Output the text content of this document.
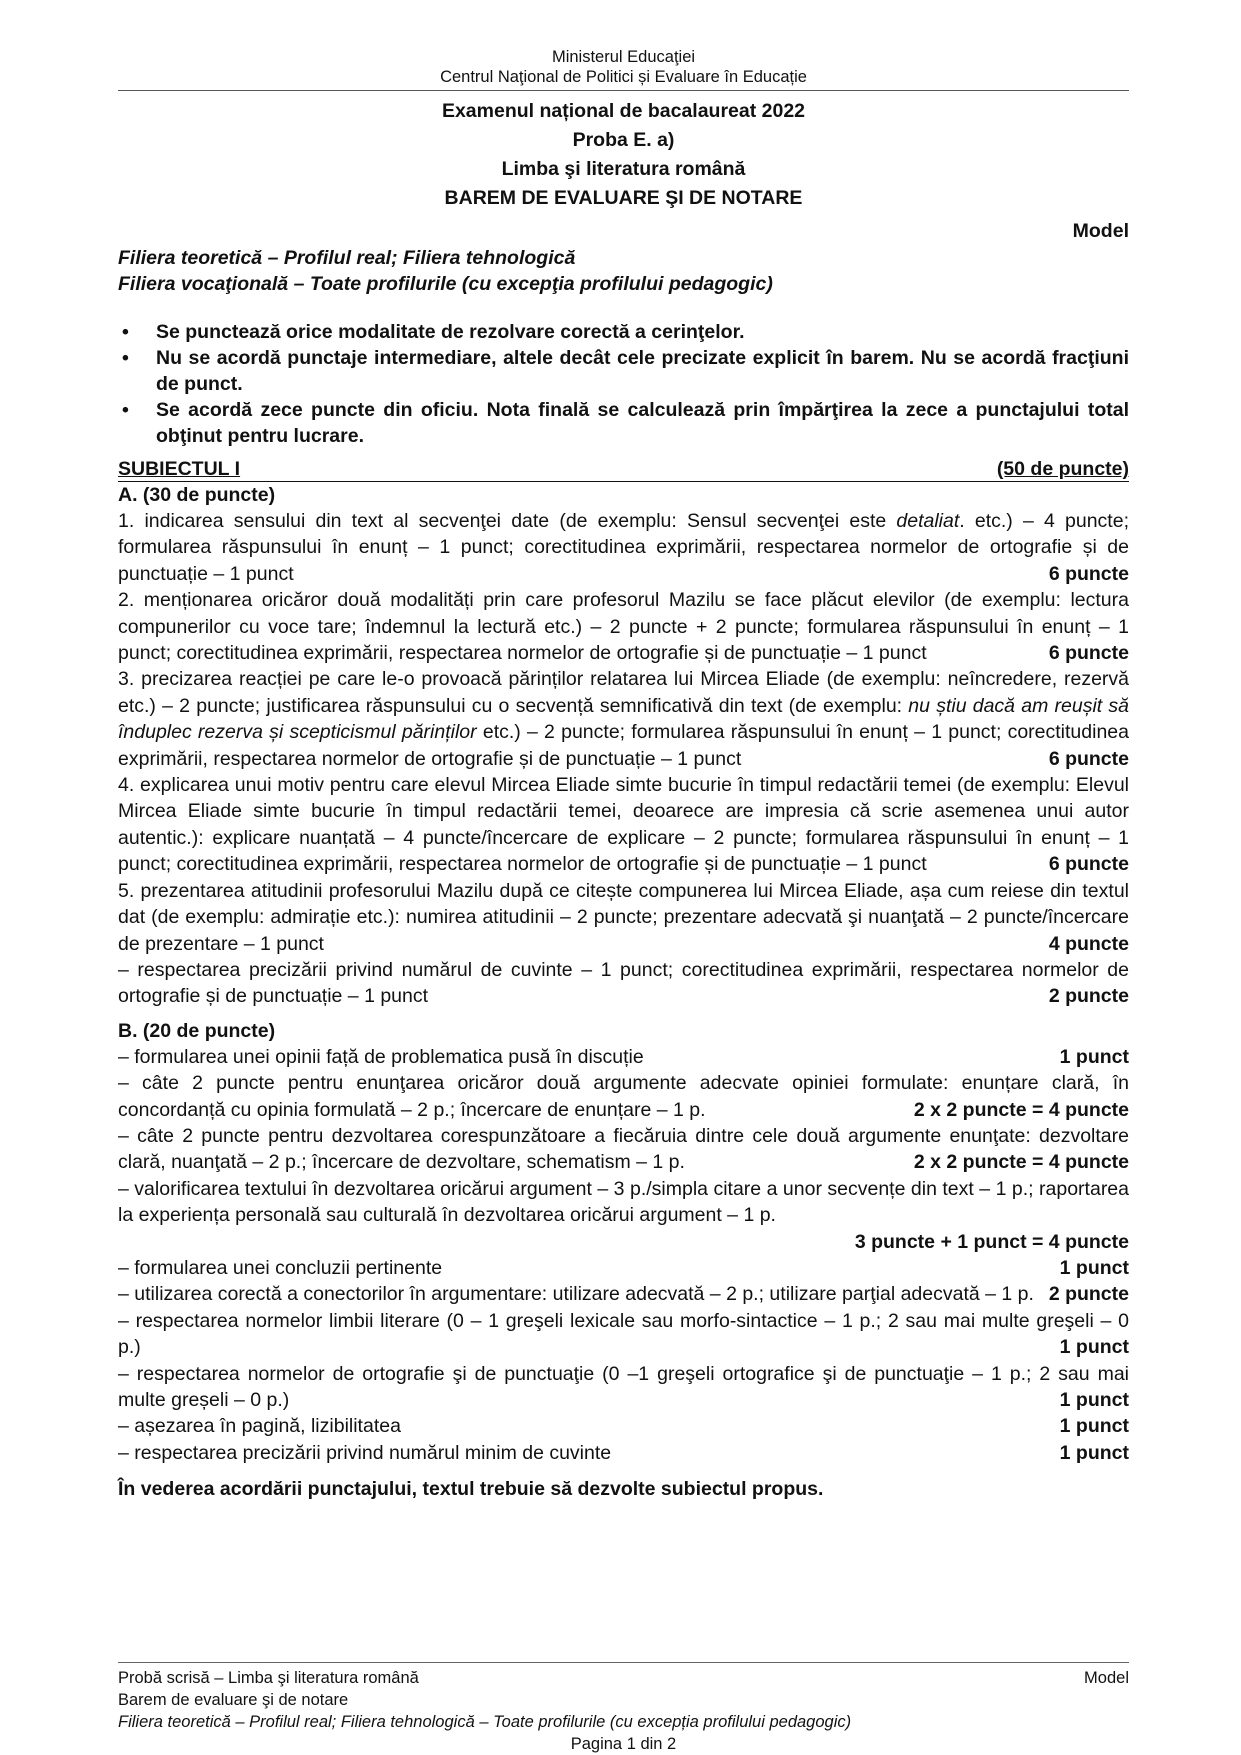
Ministerul Educaţiei
Centrul Naţional de Politici și Evaluare în Educație
Examenul național de bacalaureat 2022
Proba E. a)
Limba şi literatura română
BAREM DE EVALUARE ŞI DE NOTARE
Model
Filiera teoretică – Profilul real; Filiera tehnologică
Filiera vocaţională – Toate profilurile (cu excepţia profilului pedagogic)
• Se punctează orice modalitate de rezolvare corectă a cerinţelor.
• Nu se acordă punctaje intermediare, altele decât cele precizate explicit în barem. Nu se acordă fracţiuni de punct.
• Se acordă zece puncte din oficiu. Nota finală se calculează prin împărţirea la zece a punctajului total obţinut pentru lucrare.
SUBIECTUL I	(50 de puncte)
A. (30 de puncte)
1. indicarea sensului din text al secvenţei date (de exemplu: Sensul secvenţei este detaliat. etc.) – 4 puncte; formularea răspunsului în enunț – 1 punct; corectitudinea exprimării, respectarea normelor de ortografie și de punctuație – 1 punct	6 puncte
2. menționarea oricăror două modalități prin care profesorul Mazilu se face plăcut elevilor (de exemplu: lectura compunerilor cu voce tare; îndemnul la lectură etc.) – 2 puncte + 2 puncte; formularea răspunsului în enunț – 1 punct; corectitudinea exprimării, respectarea normelor de ortografie și de punctuație – 1 punct	6 puncte
3. precizarea reacției pe care le-o provoacă părinților relatarea lui Mircea Eliade (de exemplu: neîncredere, rezervă etc.) – 2 puncte; justificarea răspunsului cu o secvență semnificativă din text (de exemplu: nu știu dacă am reușit să înduplec rezerva și scepticismul părinților etc.) – 2 puncte; formularea răspunsului în enunț – 1 punct; corectitudinea exprimării, respectarea normelor de ortografie și de punctuație – 1 punct	6 puncte
4. explicarea unui motiv pentru care elevul Mircea Eliade simte bucurie în timpul redactării temei (de exemplu: Elevul Mircea Eliade simte bucurie în timpul redactării temei, deoarece are impresia că scrie asemenea unui autor autentic.): explicare nuanțată – 4 puncte/încercare de explicare – 2 puncte; formularea răspunsului în enunț – 1 punct; corectitudinea exprimării, respectarea normelor de ortografie și de punctuație – 1 punct	6 puncte
5. prezentarea atitudinii profesorului Mazilu după ce citește compunerea lui Mircea Eliade, așa cum reiese din textul dat (de exemplu: admirație etc.): numirea atitudinii – 2 puncte; prezentare adecvată şi nuanţată – 2 puncte/încercare de prezentare – 1 punct	4 puncte
– respectarea precizării privind numărul de cuvinte – 1 punct; corectitudinea exprimării, respectarea normelor de ortografie și de punctuație – 1 punct	2 puncte
B. (20 de puncte)
– formularea unei opinii față de problematica pusă în discuție	1 punct
– câte 2 puncte pentru enunţarea oricăror două argumente adecvate opiniei formulate: enunțare clară, în concordanță cu opinia formulată – 2 p.; încercare de enunțare – 1 p.	2 x 2 puncte = 4 puncte
– câte 2 puncte pentru dezvoltarea corespunzătoare a fiecăruia dintre cele două argumente enunţate: dezvoltare clară, nuanţată – 2 p.; încercare de dezvoltare, schematism – 1 p.	2 x 2 puncte = 4 puncte
– valorificarea textului în dezvoltarea oricărui argument – 3 p./simpla citare a unor secvențe din text – 1 p.; raportarea la experiența personală sau culturală în dezvoltarea oricărui argument – 1 p.
3 puncte + 1 punct = 4 puncte
– formularea unei concluzii pertinente	1 punct
– utilizarea corectă a conectorilor în argumentare: utilizare adecvată – 2 p.; utilizare parţial adecvată – 1 p. 2 puncte
– respectarea normelor limbii literare (0 – 1 greşeli lexicale sau morfo-sintactice – 1 p.; 2 sau mai multe greşeli – 0 p.)	1 punct
– respectarea normelor de ortografie şi de punctuaţie (0 –1 greşeli ortografice şi de punctuaţie – 1 p.; 2 sau mai multe greșeli – 0 p.)	1 punct
– așezarea în pagină, lizibilitatea	1 punct
– respectarea precizării privind numărul minim de cuvinte	1 punct
În vederea acordării punctajului, textul trebuie să dezvolte subiectul propus.
Probă scrisă – Limba şi literatura română	Model
Barem de evaluare şi de notare
Filiera teoretică – Profilul real; Filiera tehnologică – Toate profilurile (cu excepția profilului pedagogic)
Pagina 1 din 2
